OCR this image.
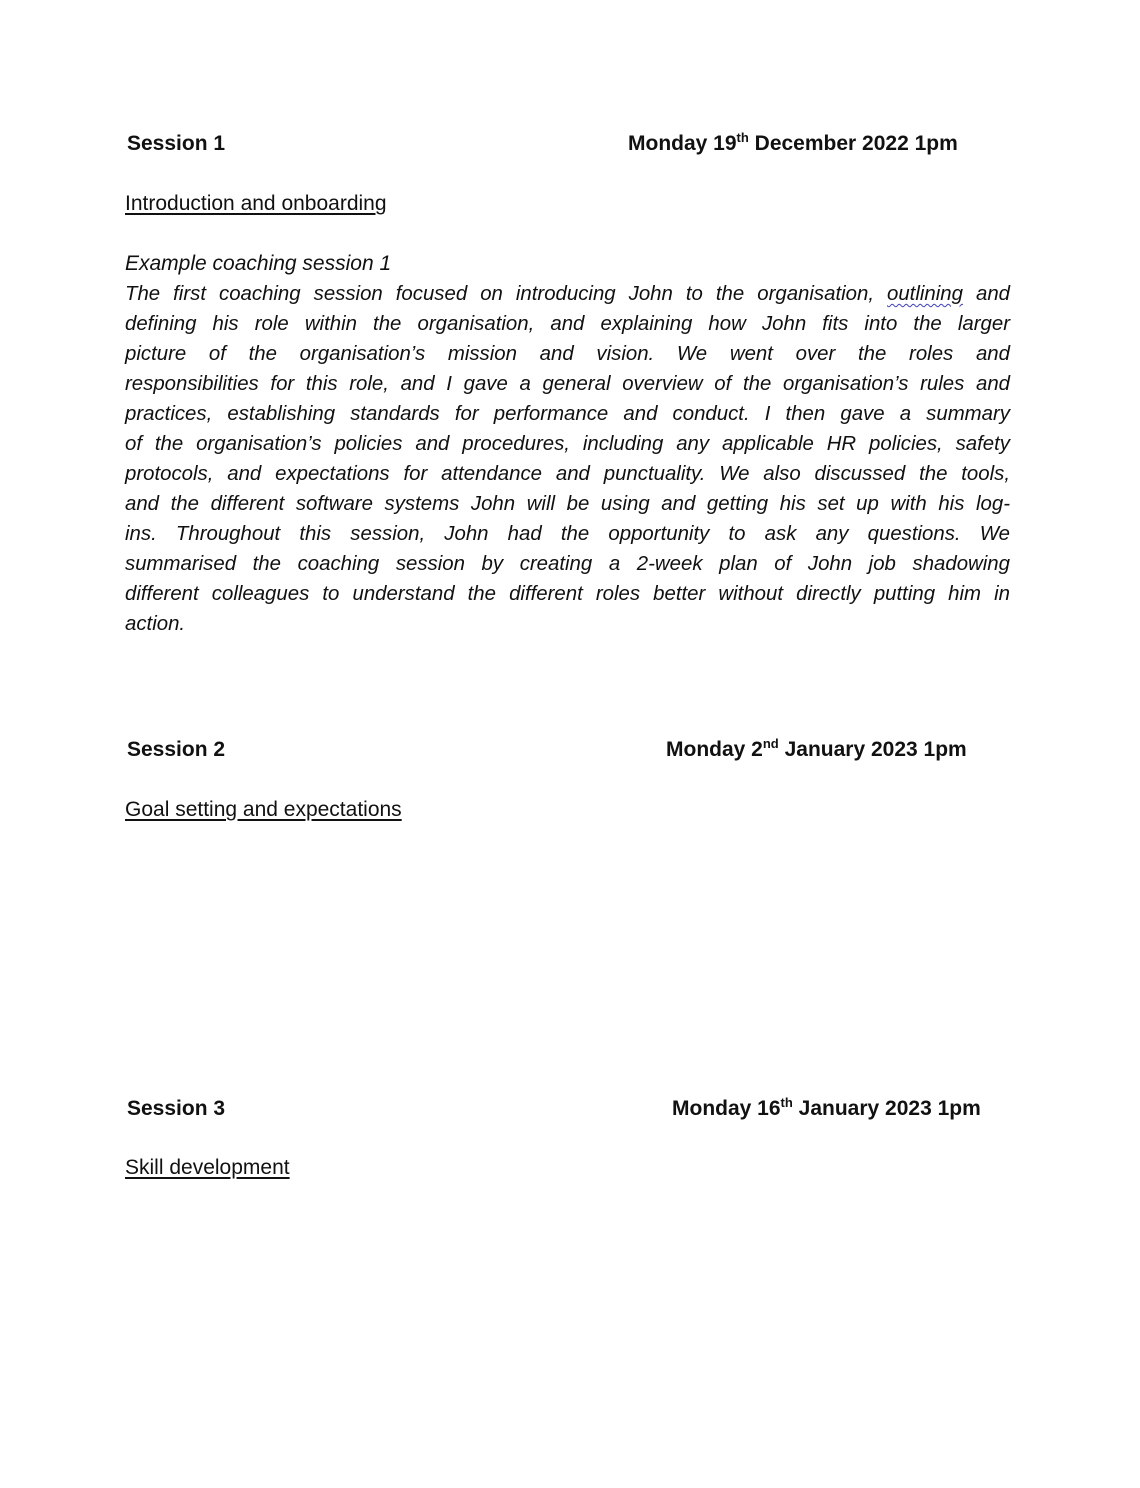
Session 1	Monday 19th December 2022 1pm
Introduction and onboarding
Example coaching session 1
The first coaching session focused on introducing John to the organisation, outlining and
defining his role within the organisation, and explaining how John fits into the larger
picture of the organisation’s mission and vision. We went over the roles and
responsibilities for this role, and I gave a general overview of the organisation’s rules and
practices, establishing standards for performance and conduct. I then gave a summary
of the organisation’s policies and procedures, including any applicable HR policies, safety
protocols, and expectations for attendance and punctuality. We also discussed the tools,
and the different software systems John will be using and getting his set up with his log-
ins. Throughout this session, John had the opportunity to ask any questions. We
summarised the coaching session by creating a 2-week plan of John job shadowing
different colleagues to understand the different roles better without directly putting him in
action.
Session 2	Monday 2nd January 2023 1pm
Goal setting and expectations
Session 3	Monday 16th January 2023 1pm
Skill development
